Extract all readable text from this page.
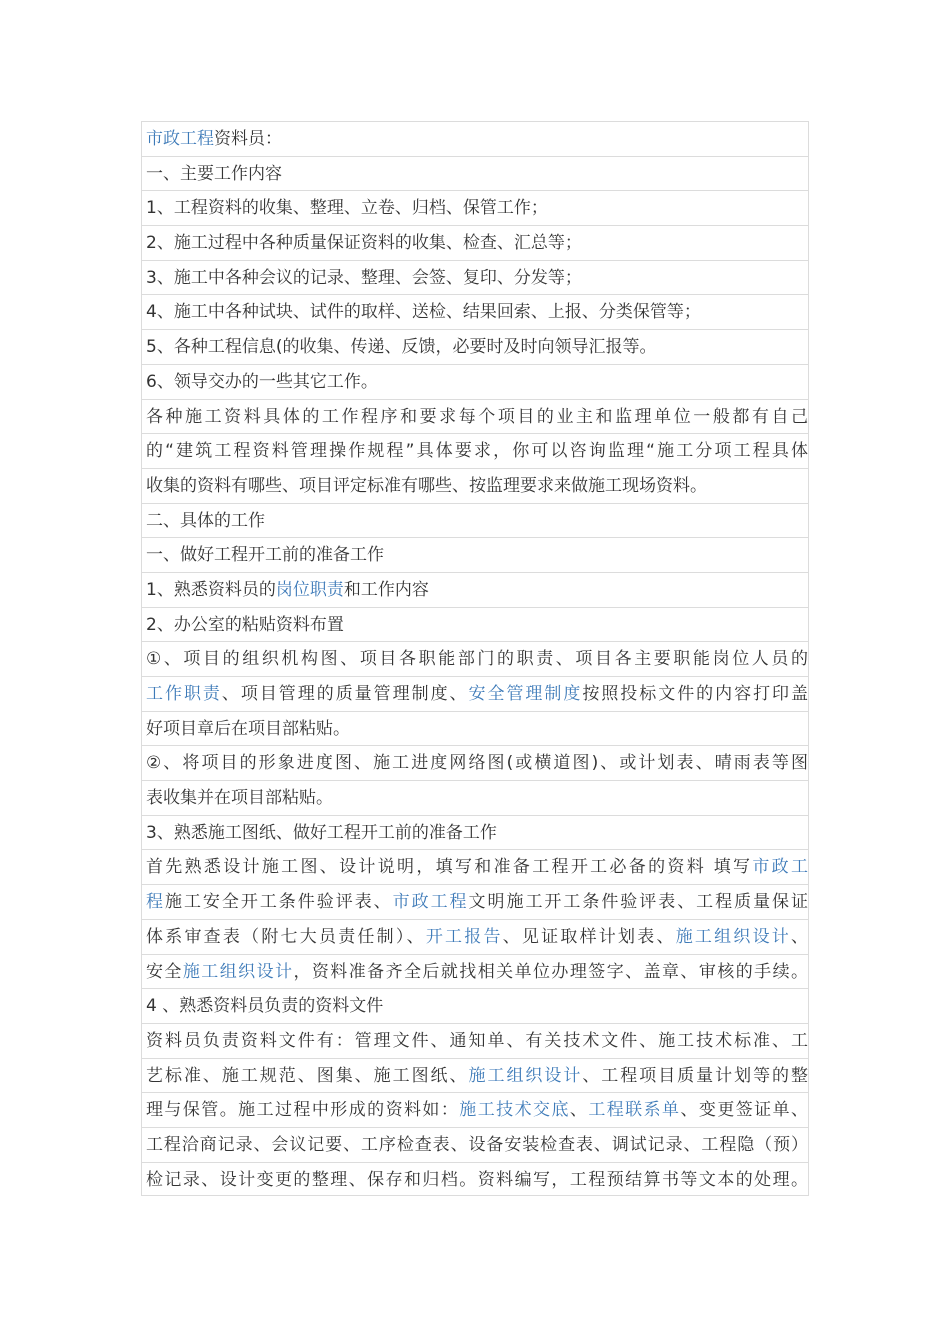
市政工程资料员：
一、主要工作内容
1、工程资料的收集、整理、立卷、归档、保管工作；
2、施工过程中各种质量保证资料的收集、检查、汇总等；
3、施工中各种会议的记录、整理、会签、复印、分发等；
4、施工中各种试块、试件的取样、送检、结果回索、上报、分类保管等；
5、各种工程信息(的收集、传递、反馈，必要时及时向领导汇报等。
6、领导交办的一些其它工作。
各种施工资料具体的工作程序和要求每个项目的业主和监理单位一般都有自己
的“建筑工程资料管理操作规程”具体要求，你可以咨询监理“施工分项工程具体
收集的资料有哪些、项目评定标准有哪些、按监理要求来做施工现场资料。
二、具体的工作
一、做好工程开工前的准备工作
1、熟悉资料员的岗位职责和工作内容
2、办公室的粘贴资料布置
①、项目的组织机构图、项目各职能部门的职责、项目各主要职能岗位人员的
工作职责、项目管理的质量管理制度、安全管理制度按照投标文件的内容打印盖
好项目章后在项目部粘贴。
②、将项目的形象进度图、施工进度网络图(或横道图)、或计划表、晴雨表等图
表收集并在项目部粘贴。
3、熟悉施工图纸、做好工程开工前的准备工作
首先熟悉设计施工图、设计说明，填写和准备工程开工必备的资料 填写市政工
程施工安全开工条件验评表、市政工程文明施工开工条件验评表、工程质量保证
体系审查表（附七大员责任制）、开工报告、见证取样计划表、施工组织设计、
安全施工组织设计，资料准备齐全后就找相关单位办理签字、盖章、审核的手续。
4 、熟悉资料员负责的资料文件
资料员负责资料文件有：管理文件、通知单、有关技术文件、施工技术标准、工
艺标准、施工规范、图集、施工图纸、施工组织设计、工程项目质量计划等的整
理与保管。施工过程中形成的资料如：施工技术交底、工程联系单、变更签证单、
工程洽商记录、会议记要、工序检查表、设备安装检查表、调试记录、工程隐（预）
检记录、设计变更的整理、保存和归档。资料编写，工程预结算书等文本的处理。
